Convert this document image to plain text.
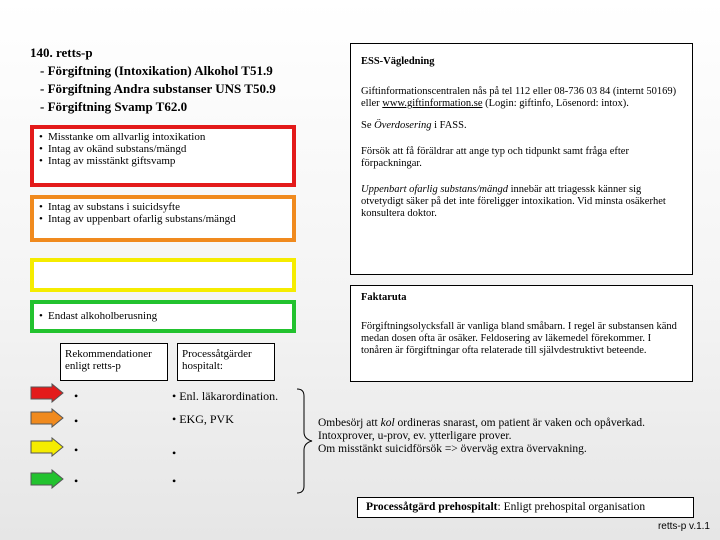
140. retts-p
- Förgiftning (Intoxikation) Alkohol T51.9
- Förgiftning Andra substanser UNS T50.9
- Förgiftning Svamp T62.0
• Misstanke om allvarlig intoxikation
• Intag av okänd substans/mängd
• Intag av misstänkt giftsvamp
• Intag av substans i suicidsyfte
• Intag av uppenbart ofarlig substans/mängd
• Endast alkoholberusning
ESS-Vägledning

Giftinformationscentralen nås på tel 112 eller 08-736 03 84 (internt 50169) eller www.giftinformation.se (Login: giftinfo, Lösenord: intox).

Se Överdosering i FASS.

Försök att få föräldrar att ange typ och tidpunkt samt fråga efter förpackningar.

Uppenbart ofarlig substans/mängd innebär att triagessk känner sig otvetydigt säker på det inte föreligger intoxikation. Vid minsta osäkerhet konsultera doktor.

Faktaruta
Förgiftningsolycksfall är vanliga bland småbarn. I regel är substansen känd medan dosen ofta är osäker. Feldosering av läkemedel förekommer. I tonåren är förgiftningar ofta relaterade till självdestruktivt beteende.
Rekommendationer enligt retts-p
Processåtgärder hospitalt:
•
•
•
•
• Enl. läkarordination.
• EKG, PVK
•
•
Ombesörj att kol ordineras snarast, om patient är vaken och opåverkad.
Intoxprover, u-prov, ev. ytterligare prover.
Om misstänkt suicidförsök => överväg extra övervakning.
Processåtgärd prehospitalt: Enligt prehospital organisation
retts-p v.1.1
